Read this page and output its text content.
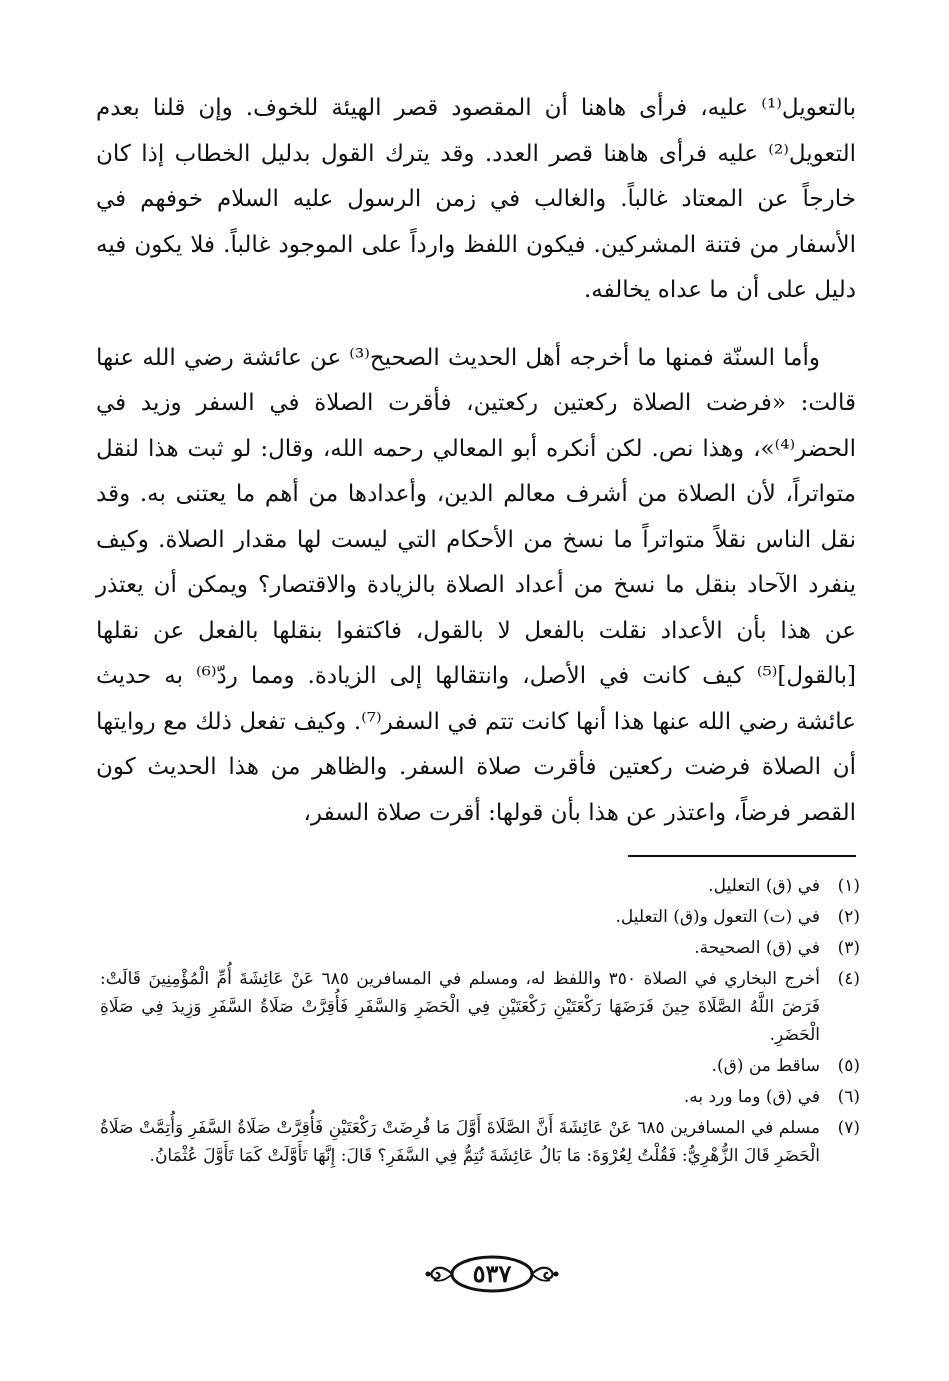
بالتعويل⁽¹⁾ عليه، فرأى هاهنا أن المقصود قصر الهيئة للخوف. وإن قلنا بعدم التعويل⁽²⁾ عليه فرأى هاهنا قصر العدد. وقد يترك القول بدليل الخطاب إذا كان خارجاً عن المعتاد غالباً. والغالب في زمن الرسول عليه السلام خوفهم في الأسفار من فتنة المشركين. فيكون اللفظ وارداً على الموجود غالباً. فلا يكون فيه دليل على أن ما عداه يخالفه.

وأما السنّة فمنها ما أخرجه أهل الحديث الصحيح⁽³⁾ عن عائشة رضي الله عنها قالت: «فرضت الصلاة ركعتين ركعتين، فأقرت الصلاة في السفر وزيد في الحضر⁽⁴⁾»، وهذا نص. لكن أنكره أبو المعالي رحمه الله، وقال: لو ثبت هذا لنقل متواتراً، لأن الصلاة من أشرف معالم الدين، وأعدادها من أهم ما يعتنى به. وقد نقل الناس نقلاً متواتراً ما نسخ من الأحكام التي ليست لها مقدار الصلاة. وكيف ينفرد الآحاد بنقل ما نسخ من أعداد الصلاة بالزيادة والاقتصار؟ ويمكن أن يعتذر عن هذا بأن الأعداد نقلت بالفعل لا بالقول، فاكتفوا بنقلها بالفعل عن نقلها [بالقول]⁽⁵⁾ كيف كانت في الأصل، وانتقالها إلى الزيادة. ومما ردّ⁽⁶⁾ به حديث عائشة رضي الله عنها هذا أنها كانت تتم في السفر⁽⁷⁾. وكيف تفعل ذلك مع روايتها أن الصلاة فرضت ركعتين فأقرت صلاة السفر. والظاهر من هذا الحديث كون القصر فرضاً، واعتذر عن هذا بأن قولها: أقرت صلاة السفر،

(١)
في (ق) التعليل.
(٢)
في (ت) التعول و(ق) التعليل.
(٣)
في (ق) الصحيحة.
(٤)
أخرج البخاري في الصلاة ٣٥٠ واللفظ له، ومسلم في المسافرين ٦٨٥ عَنْ عَائِشَةَ أُمِّ الْمُؤْمِنِينَ قَالَتْ: فَرَضَ اللَّهُ الصَّلَاةَ حِينَ فَرَضَهَا رَكْعَتَيْنِ رَكْعَتَيْنِ فِي الْحَضَرِ وَالسَّفَرِ فَأُقِرَّتْ صَلَاةُ السَّفَرِ وَزِيدَ فِي صَلَاةِ الْحَضَرِ.
(٥)
ساقط من (ق).
(٦)
في (ق) وما ورد به.
(٧)
مسلم في المسافرين ٦٨٥ عَنْ عَائِشَةَ أَنَّ الصَّلَاةَ أَوَّلَ مَا فُرِضَتْ رَكْعَتَيْنِ فَأُقِرَّتْ صَلَاةُ السَّفَرِ وَأُتِمَّتْ صَلَاةُ الْحَضَرِ قَالَ الزُّهْرِيُّ: فَقُلْتُ لِعُرْوَةَ: مَا بَالُ عَائِشَةَ تُتِمُّ فِي السَّفَرِ؟ قَالَ: إِنَّهَا تَأَوَّلَتْ كَمَا تَأَوَّلَ عُثْمَانُ.
٥٣٧
